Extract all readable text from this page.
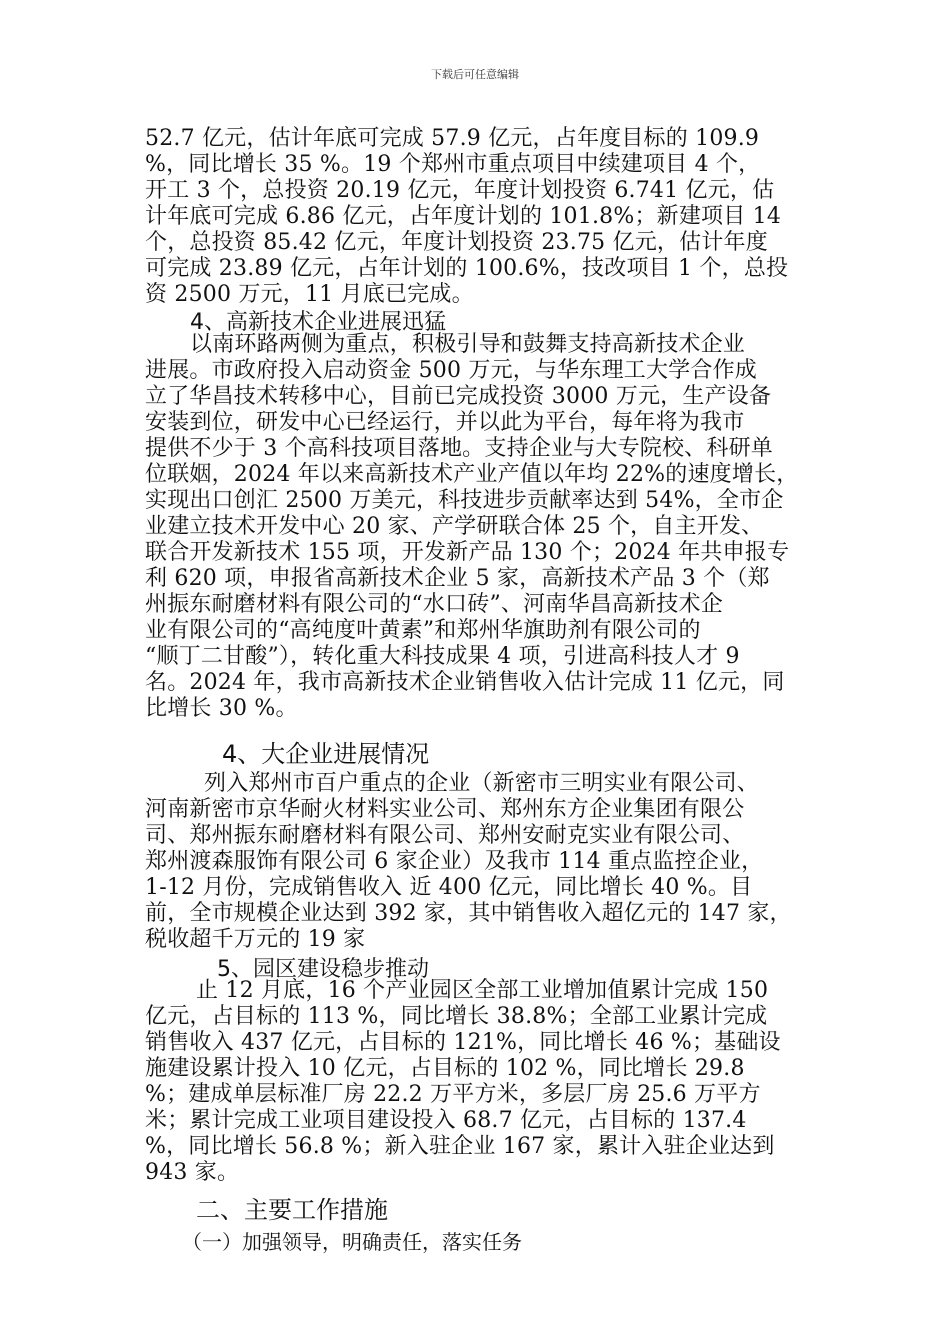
下载后可任意编辑
52.7 亿元，估计年底可完成 57.9 亿元，占年度目标的 109.9
%，同比增长 35 %。19 个郑州市重点项目中续建项目 4 个，
开工 3 个，总投资 20.19 亿元，年度计划投资 6.741 亿元，估
计年底可完成 6.86 亿元，占年度计划的 101.8%；新建项目 14
个，总投资 85.42 亿元，年度计划投资 23.75 亿元，估计年度
可完成 23.89 亿元，占年计划的 100.6%，技改项目 1 个，总投
资 2500 万元，11 月底已完成。
4、高新技术企业进展迅猛
以南环路两侧为重点，积极引导和鼓舞支持高新技术企业
进展。市政府投入启动资金 500 万元，与华东理工大学合作成
立了华昌技术转移中心，目前已完成投资 3000 万元，生产设备
安装到位，研发中心已经运行，并以此为平台，每年将为我市
提供不少于 3 个高科技项目落地。支持企业与大专院校、科研单
位联姻，2024 年以来高新技术产业产值以年均 22%的速度增长，
实现出口创汇 2500 万美元，科技进步贡献率达到 54%，全市企
业建立技术开发中心 20 家、产学研联合体 25 个，自主开发、
联合开发新技术 155 项，开发新产品 130 个；2024 年共申报专
利 620 项，申报省高新技术企业 5 家，高新技术产品 3 个（郑
州振东耐磨材料有限公司的“水口砖”、河南华昌高新技术企
业有限公司的“高纯度叶黄素”和郑州华旗助剂有限公司的
“顺丁二甘酸”），转化重大科技成果 4 项，引进高科技人才 9
名。2024 年，我市高新技术企业销售收入估计完成 11 亿元，同
比增长 30 %。
4、大企业进展情况
列入郑州市百户重点的企业（新密市三明实业有限公司、
河南新密市京华耐火材料实业公司、郑州东方企业集团有限公
司、郑州振东耐磨材料有限公司、郑州安耐克实业有限公司、
郑州渡森服饰有限公司 6 家企业）及我市 114 重点监控企业，
1-12 月份，完成销售收入 近 400 亿元，同比增长 40 %。目
前，全市规模企业达到 392 家，其中销售收入超亿元的 147 家，
税收超千万元的 19 家
5、园区建设稳步推动
止 12 月底，16 个产业园区全部工业增加值累计完成 150
亿元，占目标的 113 %，同比增长 38.8%；全部工业累计完成
销售收入 437 亿元，占目标的 121%，同比增长 46 %；基础设
施建设累计投入 10 亿元，占目标的 102 %，同比增长 29.8
%；建成单层标准厂房 22.2 万平方米，多层厂房 25.6 万平方
米；累计完成工业项目建设投入 68.7 亿元，占目标的 137.4
%，同比增长 56.8 %；新入驻企业 167 家，累计入驻企业达到
943 家。
二、主要工作措施
（一）加强领导，明确责任，落实任务
